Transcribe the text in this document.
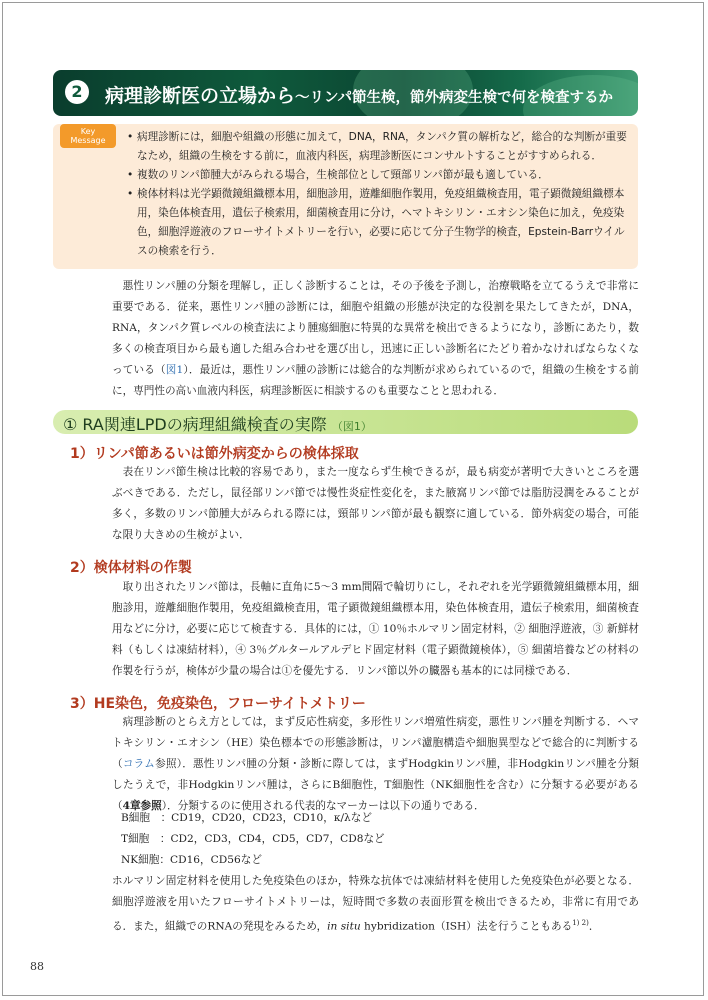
2	病理診断医の立場から～リンパ節生検，節外病変生検で何を検査するか
Key
Message
•	病理診断には，細胞や組織の形態に加えて，DNA，RNA，タンパク質の解析など，総合的な判断が重要なため，組織の生検をする前に，血液内科医，病理診断医にコンサルトすることがすすめられる．
• 複数のリンパ節腫大がみられる場合，生検部位として頸部リンパ節が最も適している．
• 検体材料は光学顕微鏡組織標本用，細胞診用，遊離細胞作製用，免疫組織検査用，電子顕微鏡組織標本用，染色体検査用，遺伝子検索用，細菌検査用に分け，ヘマトキシリン・エオシン染色に加え，免疫染色，細胞浮遊液のフローサイトメトリーを行い，必要に応じて分子生物学的検査，Epstein-Barrウイルスの検索を行う．
悪性リンパ腫の分類を理解し，正しく診断することは，その予後を予測し，治療戦略を立てるうえで非常に重要である．従来，悪性リンパ腫の診断には，細胞や組織の形態が決定的な役割を果たしてきたが，DNA，RNA，タンパク質レベルの検査法により腫瘍細胞に特異的な異常を検出できるようになり，診断にあたり，数多くの検査項目から最も適した組み合わせを選び出し，迅速に正しい診断名にたどり着かなければならなくなっている（図1）．最近は，悪性リンパ腫の診断には総合的な判断が求められているので，組織の生検をする前に，専門性の高い血液内科医，病理診断医に相談するのも重要なことと思われる．
① RA関連LPDの病理組織検査の実際 （図1）
1）リンパ節あるいは節外病変からの検体採取
表在リンパ節生検は比較的容易であり，また一度ならず生検できるが，最も病変が著明で大きいところを選ぶべきである．ただし，鼠径部リンパ節では慢性炎症性変化を，また腋窩リンパ節では脂肪浸潤をみることが多く，多数のリンパ節腫大がみられる際には，頸部リンパ節が最も観察に適している．節外病変の場合，可能な限り大きめの生検がよい．
2）検体材料の作製
取り出されたリンパ節は，長軸に直角に5～3 mm間隔で輪切りにし，それぞれを光学顕微鏡組織標本用，細胞診用，遊離細胞作製用，免疫組織検査用，電子顕微鏡組織標本用，染色体検査用，遺伝子検索用，細菌検査用などに分け，必要に応じて検査する．具体的には，① 10％ホルマリン固定材料，② 細胞浮遊液，③ 新鮮材料（もしくは凍結材料），④ 3％グルタールアルデヒド固定材料（電子顕微鏡検体），⑤ 細菌培養などの材料の作製を行うが，検体が少量の場合は①を優先する．リンパ節以外の臓器も基本的には同様である．
3）HE染色，免疫染色，フローサイトメトリー
病理診断のとらえ方としては，まず反応性病変，多形性リンパ増殖性病変，悪性リンパ腫を判断する．ヘマトキシリン・エオシン（HE）染色標本での形態診断は，リンパ濾胞構造や細胞異型などで総合的に判断する（コラム参照）．悪性リンパ腫の分類・診断に際しては，まずHodgkinリンパ腫，非Hodgkinリンパ腫を分類したうえで，非Hodgkinリンパ腫は，さらにB細胞性，T細胞性（NK細胞性を含む）に分類する必要がある（4章参照）．分類するのに使用される代表的なマーカーは以下の通りである．
B細胞　：CD19，CD20，CD23，CD10，κ/λなど
T細胞　：CD2，CD3，CD4，CD5，CD7，CD8など
NK細胞：CD16，CD56など
ホルマリン固定材料を使用した免疫染色のほか，特殊な抗体では凍結材料を使用した免疫染色が必要となる．細胞浮遊液を用いたフローサイトメトリーは，短時間で多数の表面形質を検出できるため，非常に有用である．また，組織でのRNAの発現をみるため，in situ hybridization（ISH）法を行うこともある$^{1) 2)}$．
88
